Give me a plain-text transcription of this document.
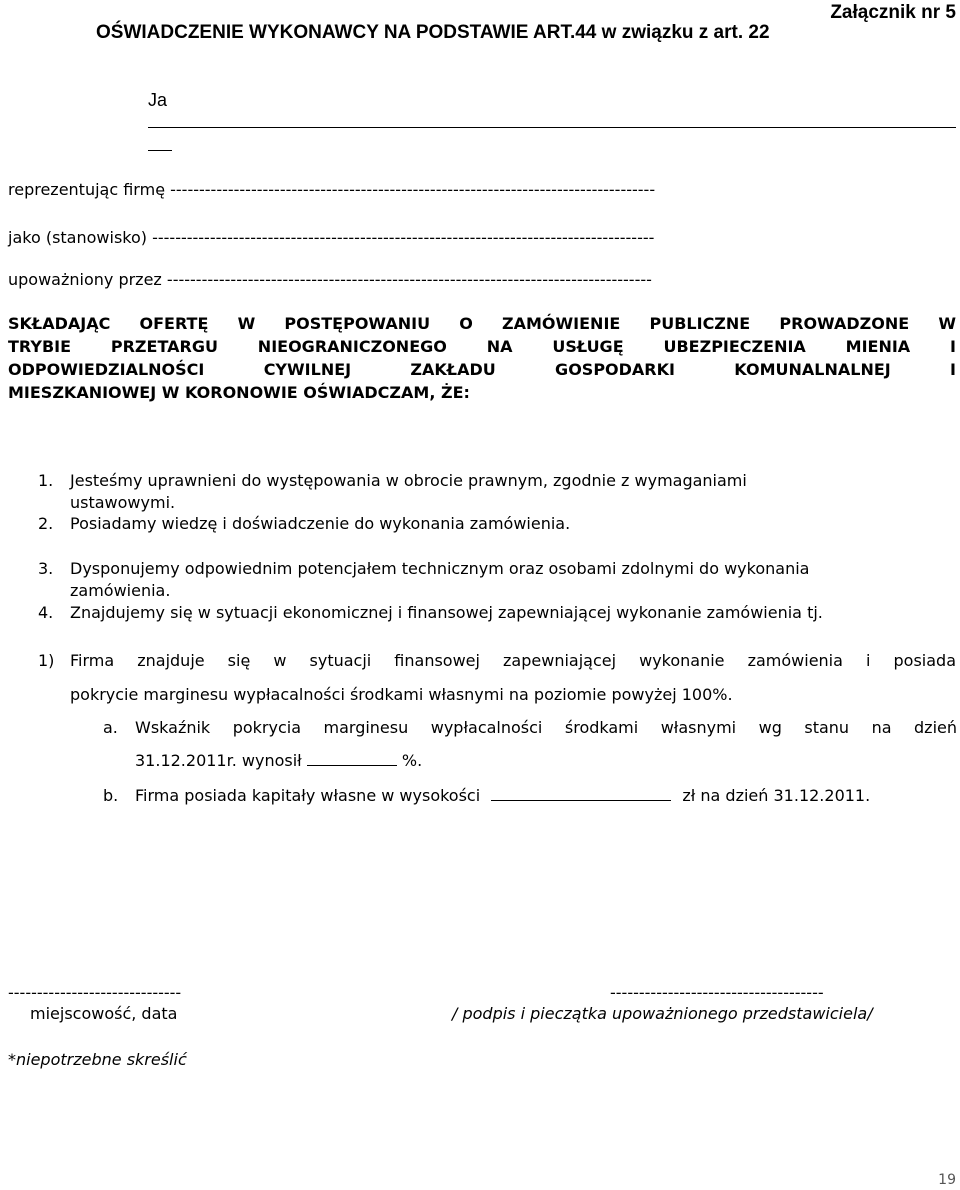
Załącznik nr 5
OŚWIADCZENIE WYKONAWCY NA PODSTAWIE ART.44 w związku z art. 22
Ja
reprezentując firmę ------------------------------------------------------------------------------------
jako (stanowisko) ---------------------------------------------------------------------------------------
upoważniony przez ------------------------------------------------------------------------------------
SKŁADAJĄC OFERTĘ W POSTĘPOWANIU O ZAMÓWIENIE PUBLICZNE PROWADZONE W
TRYBIE PRZETARGU NIEOGRANICZONEGO NA USŁUGĘ UBEZPIECZENIA MIENIA I
ODPOWIEDZIALNOŚCI CYWILNEJ ZAKŁADU GOSPODARKI KOMUNALNALNEJ I
MIESZKANIOWEJ W KORONOWIE OŚWIADCZAM, ŻE:
1. Jesteśmy uprawnieni do występowania w obrocie prawnym, zgodnie z wymaganiami
ustawowymi.
2. Posiadamy wiedzę i doświadczenie do wykonania zamówienia.
3. Dysponujemy odpowiednim potencjałem technicznym oraz osobami zdolnymi do wykonania
zamówienia.
4. Znajdujemy się w sytuacji ekonomicznej i finansowej zapewniającej wykonanie zamówienia tj.
1) Firma znajduje się w sytuacji finansowej zapewniającej wykonanie zamówienia i posiada
pokrycie marginesu wypłacalności środkami własnymi na poziomie powyżej 100%.
a. Wskaźnik pokrycia marginesu wypłacalności środkami własnymi wg stanu na dzień
31.12.2011r. wynosił	%.
b. Firma posiada kapitały własne w wysokości	zł na dzień 31.12.2011.
------------------------------	-------------------------------------
miejscowość, data	/ podpis i pieczątka upoważnionego przedstawiciela/
*niepotrzebne skreślić
19
